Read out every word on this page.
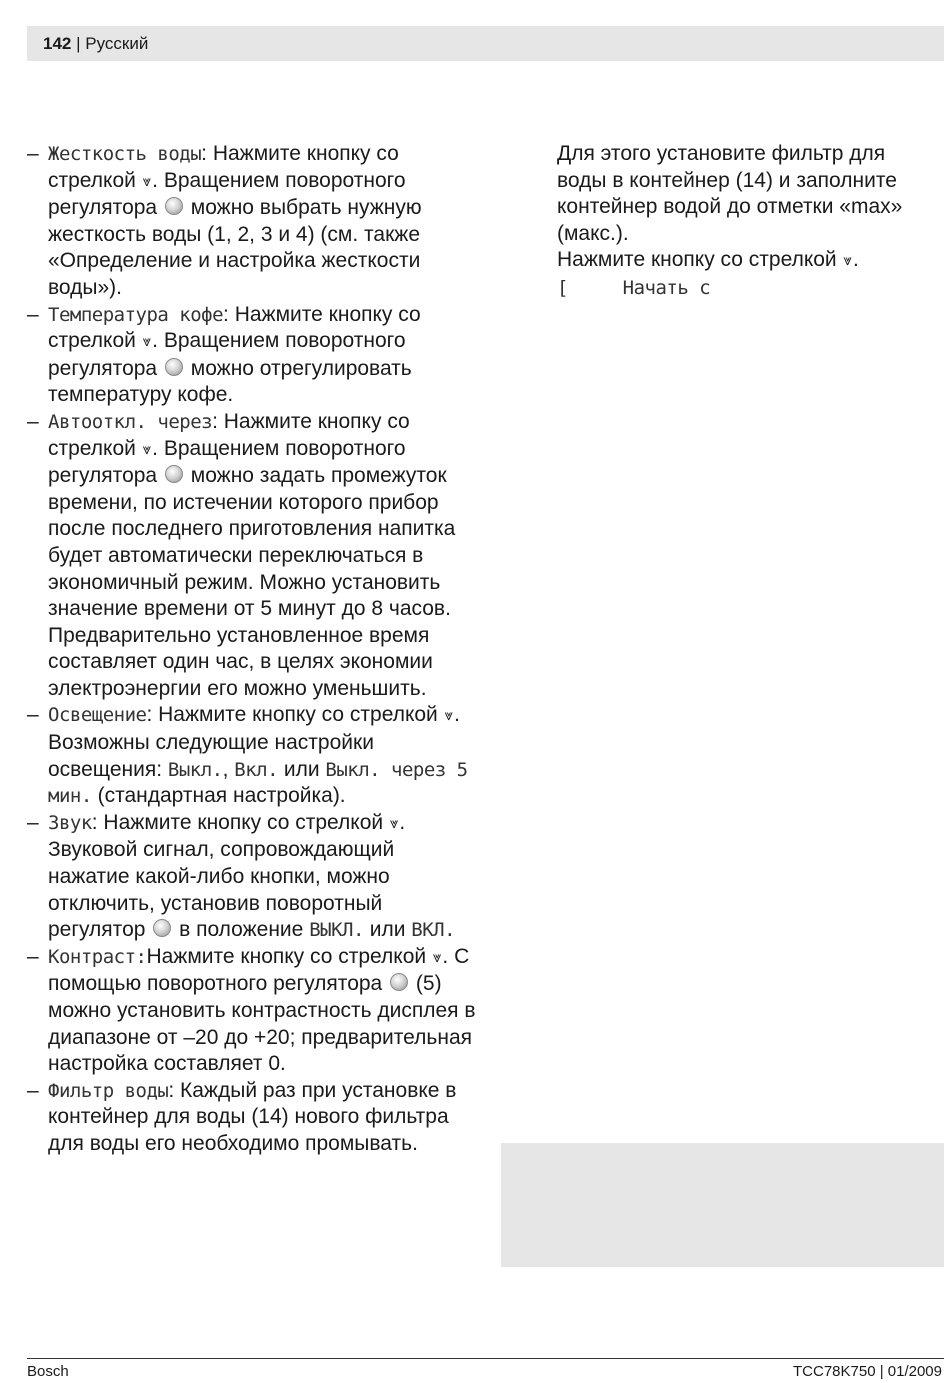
142 | Русский
– Жесткость воды: Нажмите кнопку со стрелкой ⩔. Вращением поворотного регулятора  можно выбрать нужную жесткость воды (1, 2, 3 и 4) (см. также «Определение и настройка жесткости воды»).
– Температура кофе: Нажмите кнопку со стрелкой ⩔. Вращением поворотного регулятора  можно отрегулировать температуру кофе.
– Автооткл. через: Нажмите кнопку со стрелкой ⩔. Вращением поворотного регулятора  можно задать промежуток времени, по истечении которого прибор после последнего приготовления напитка будет автоматически переключаться в экономичный режим. Можно установить значение времени от 5 минут до 8 часов. Предварительно установленное время составляет один час, в целях экономии электроэнергии его можно уменьшить.
– Освещение: Нажмите кнопку со стрелкой ⩔. Возможны следующие настройки освещения: Выкл., Вкл. или Выкл. через 5 мин. (стандартная настройка).
– Звук: Нажмите кнопку со стрелкой ⩔. Звуковой сигнал, сопровождающий нажатие какой-либо кнопки, можно отключить, установив поворотный регулятор  в положение ВЫКЛ. или ВКЛ.
– Контраст:Нажмите кнопку со стрелкой ⩔. С помощью поворотного регулятора  (5) можно установить контрастность дисплея в диапазоне от –20 до +20; предварительная настройка составляет 0.
– Фильтр воды: Каждый раз при установке в контейнер для воды (14) нового фильтра для воды его необходимо промывать.
Для этого установите фильтр для воды в контейнер (14) и заполните контейнер водой до отметки «max» (макс.).
Нажмите кнопку со стрелкой ⩔.
[     Начать с
Bosch	TCC78K750 | 01/2009
